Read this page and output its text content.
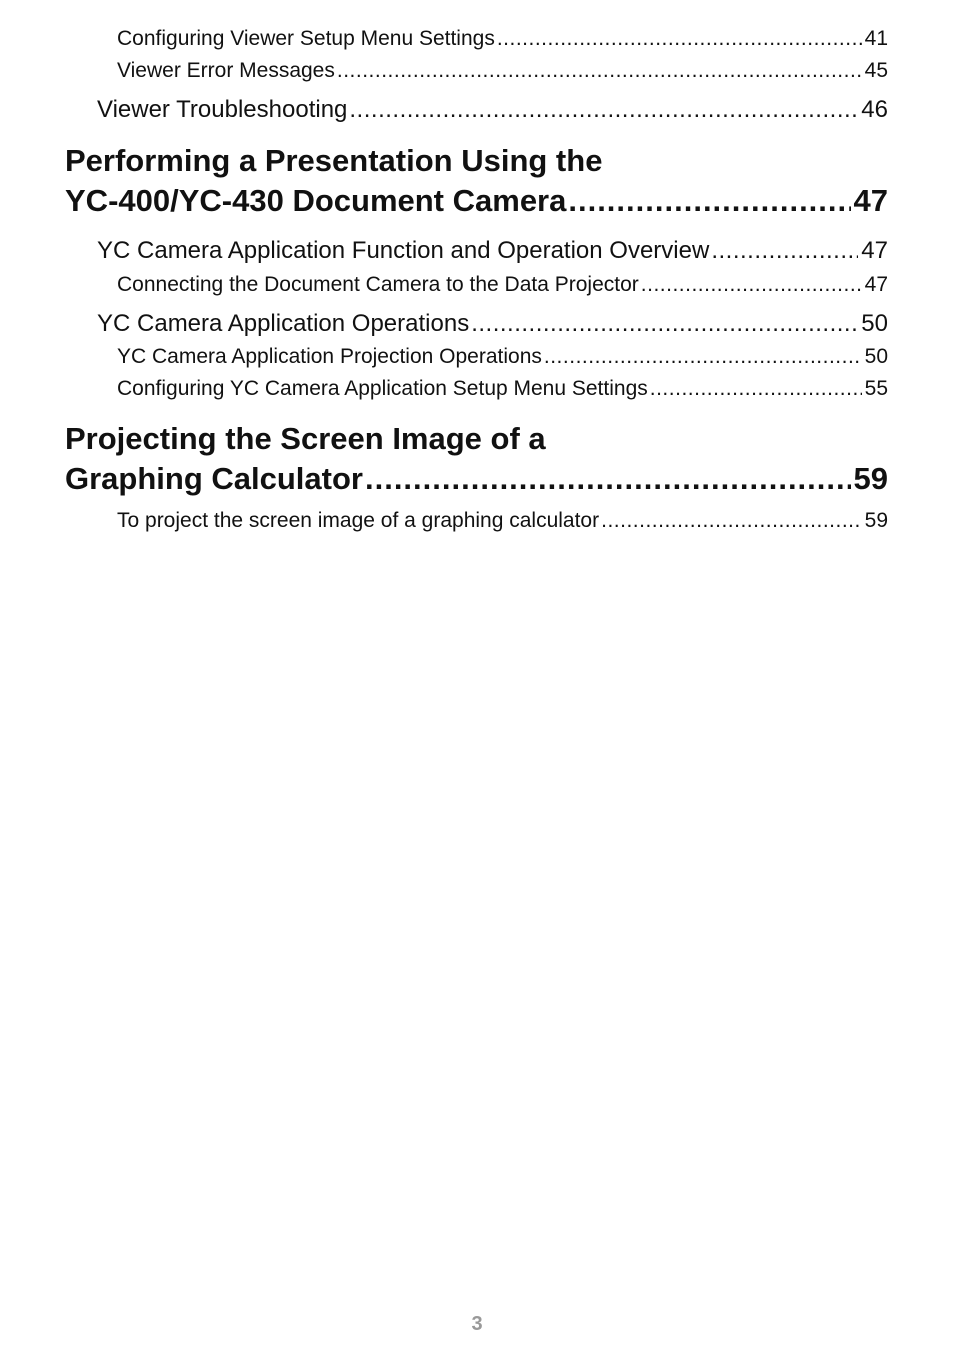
Configuring Viewer Setup Menu Settings .....	41
Viewer Error Messages .....	45
Viewer Troubleshooting .....	46
Performing a Presentation Using the
YC-400/YC-430 Document Camera .....	47
YC Camera Application Function and Operation Overview .....	47
Connecting the Document Camera to the Data Projector .....	47
YC Camera Application Operations .....	50
YC Camera Application Projection Operations .....	50
Configuring YC Camera Application Setup Menu Settings .....	55
Projecting the Screen Image of a
Graphing Calculator .....	59
To project the screen image of a graphing calculator .....	59
3
